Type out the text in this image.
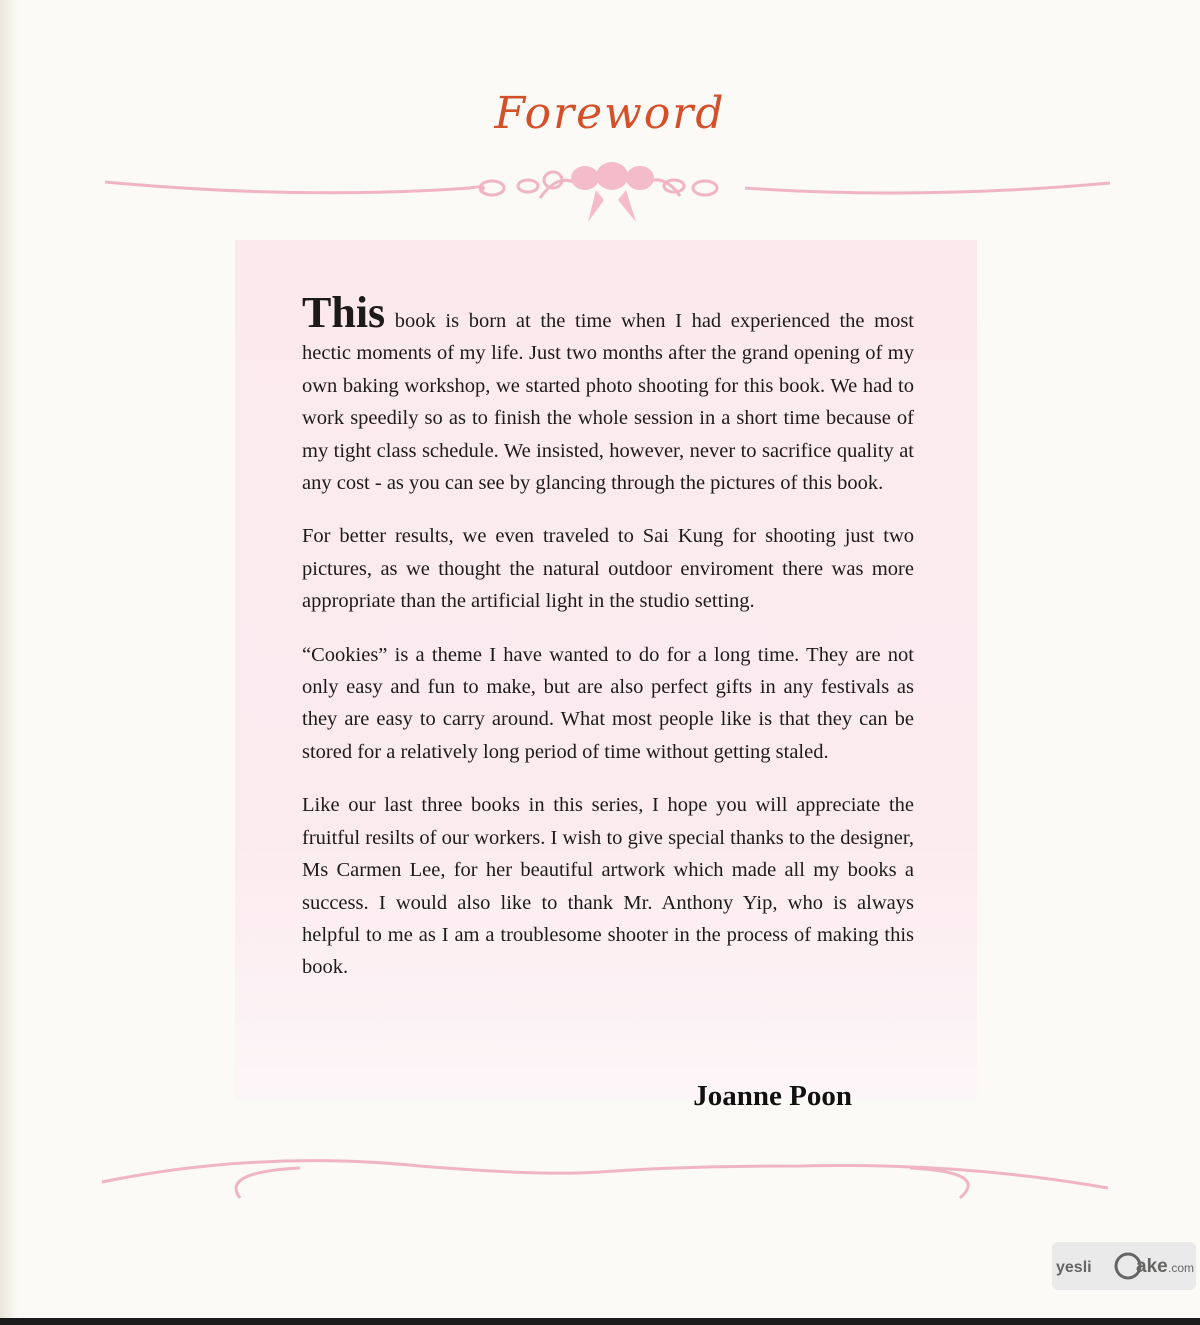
Foreword

This book is born at the time when I had experienced the most hectic moments of my life. Just two months after the grand opening of my own baking workshop, we started photo shooting for this book. We had to work speedily so as to finish the whole session in a short time because of my tight class schedule. We insisted, however, never to sacrifice quality at any cost - as you can see by glancing through the pictures of this book.

For better results, we even traveled to Sai Kung for shooting just two pictures, as we thought the natural outdoor enviroment there was more appropriate than the artificial light in the studio setting.

“Cookies” is a theme I have wanted to do for a long time. They are not only easy and fun to make, but are also perfect gifts in any festivals as they are easy to carry around. What most people like is that they can be stored for a relatively long period of time without getting staled.

Like our last three books in this series, I hope you will appreciate the fruitful resilts of our workers. I wish to give special thanks to the designer, Ms Carmen Lee, for her beautiful artwork which made all my books a success. I would also like to thank Mr. Anthony Yip, who is always helpful to me as I am a troublesome shooter in the process of making this book.

Joanne Poon
yesli ake .com
